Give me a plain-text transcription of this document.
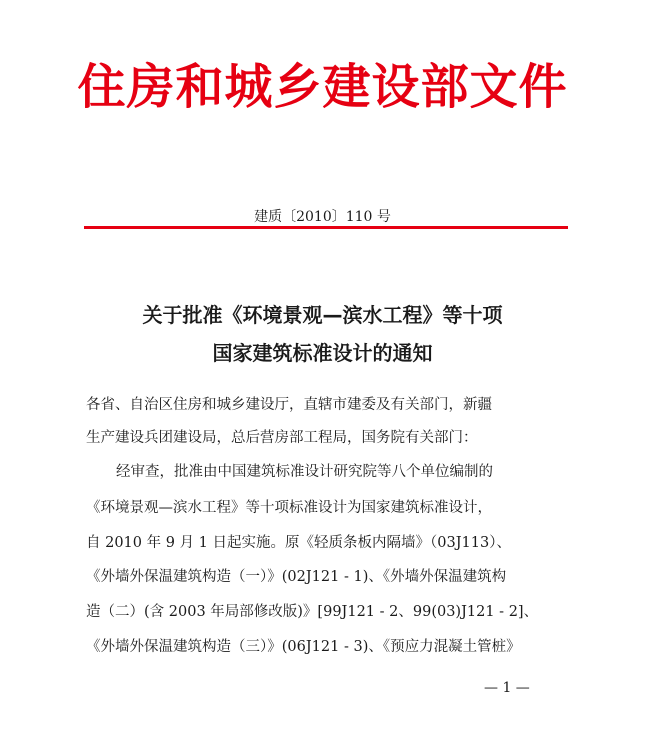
住房和城乡建设部文件
建质〔2010〕110 号
关于批准《环境景观—滨水工程》等十项
国家建筑标准设计的通知
各省、自治区住房和城乡建设厅，直辖市建委及有关部门，新疆
生产建设兵团建设局，总后营房部工程局，国务院有关部门：
经审查，批准由中国建筑标准设计研究院等八个单位编制的
《环境景观—滨水工程》等十项标准设计为国家建筑标准设计，
自 2010 年 9 月 1 日起实施。原《轻质条板内隔墙》（03J113）、
《外墙外保温建筑构造（一）》(02J121 - 1)、《外墙外保温建筑构
造（二）(含 2003 年局部修改版)》[99J121 - 2、99(03)J121 - 2]、
《外墙外保温建筑构造（三）》(06J121 - 3)、《预应力混凝土管桩》
— 1 —
